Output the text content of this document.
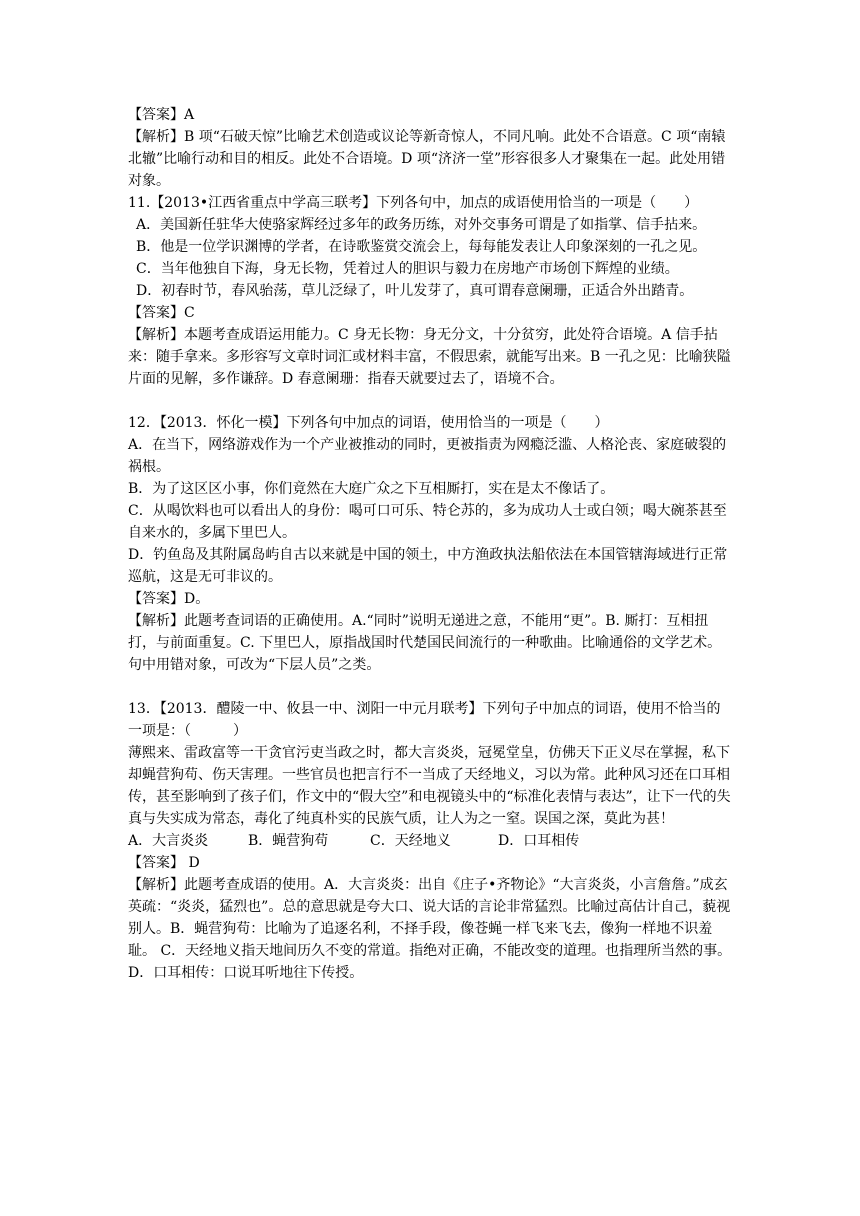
【答案】A
【解析】B 项“石破天惊”比喻艺术创造或议论等新奇惊人，不同凡响。此处不合语意。C 项“南辕北辙”比喻行动和目的相反。此处不合语境。D 项“济济一堂”形容很多人才聚集在一起。此处用错对象。
11.【2013•江西省重点中学高三联考】下列各句中，加点的成语使用恰当的一项是（　　）
A．美国新任驻华大使骆家辉经过多年的政务历练，对外交事务可谓是了如指掌、信手拈来。
B．他是一位学识渊博的学者，在诗歌鉴赏交流会上，每每能发表让人印象深刻的一孔之见。
C．当年他独自下海，身无长物，凭着过人的胆识与毅力在房地产市场创下辉煌的业绩。
D．初春时节，春风骀荡，草儿泛绿了，叶儿发芽了，真可谓春意阑珊，正适合外出踏青。
【答案】C
【解析】本题考查成语运用能力。C 身无长物：身无分文，十分贫穷，此处符合语境。A 信手拈来：随手拿来。多形容写文章时词汇或材料丰富，不假思索，就能写出来。B 一孔之见：比喻狭隘片面的见解，多作谦辞。D 春意阑珊：指春天就要过去了，语境不合。
12．【2013．怀化一模】下列各句中加点的词语，使用恰当的一项是（　　）
A．在当下，网络游戏作为一个产业被推动的同时，更被指责为网瘾泛滥、人格沦丧、家庭破裂的祸根。
B．为了这区区小事，你们竟然在大庭广众之下互相厮打，实在是太不像话了。
C．从喝饮料也可以看出人的身份：喝可口可乐、特仑苏的，多为成功人士或白领；喝大碗茶甚至自来水的，多属下里巴人。
D．钓鱼岛及其附属岛屿自古以来就是中国的领土，中方渔政执法船依法在本国管辖海域进行正常巡航，这是无可非议的。
【答案】D。
【解析】此题考查词语的正确使用。A.“同时”说明无递进之意，不能用“更”。B. 厮打：互相扭打，与前面重复。C. 下里巴人，原指战国时代楚国民间流行的一种歌曲。比喻通俗的文学艺术。句中用错对象，可改为“下层人员”之类。
13．【2013．醴陵一中、攸县一中、浏阳一中元月联考】下列句子中加点的词语，使用不恰当的一项是：（　　　）
薄熙来、雷政富等一干贪官污吏当政之时，都大言炎炎，冠冕堂皇，仿佛天下正义尽在掌握，私下却蝇营狗苟、伤天害理。一些官员也把言行不一当成了天经地义，习以为常。此种风习还在口耳相传，甚至影响到了孩子们，作文中的“假大空”和电视镜头中的“标准化表情与表达”，让下一代的失真与失实成为常态，毒化了纯真朴实的民族气质，让人为之一窒。误国之深，莫此为甚！
A．大言炎炎	B．蝇营狗苟	C．天经地义	D．口耳相传
【答案】 D
【解析】此题考查成语的使用。A．大言炎炎：出自《庄子•齐物论》“大言炎炎，小言詹詹。”成玄英疏：“炎炎，猛烈也”。总的意思就是夸大口、说大话的言论非常猛烈。比喻过高估计自己，藐视别人。B．蝇营狗苟：比喻为了追逐名利，不择手段，像苍蝇一样飞来飞去，像狗一样地不识羞耻。 C．天经地义指天地间历久不变的常道。指绝对正确，不能改变的道理。也指理所当然的事。 D．口耳相传：口说耳听地往下传授。
